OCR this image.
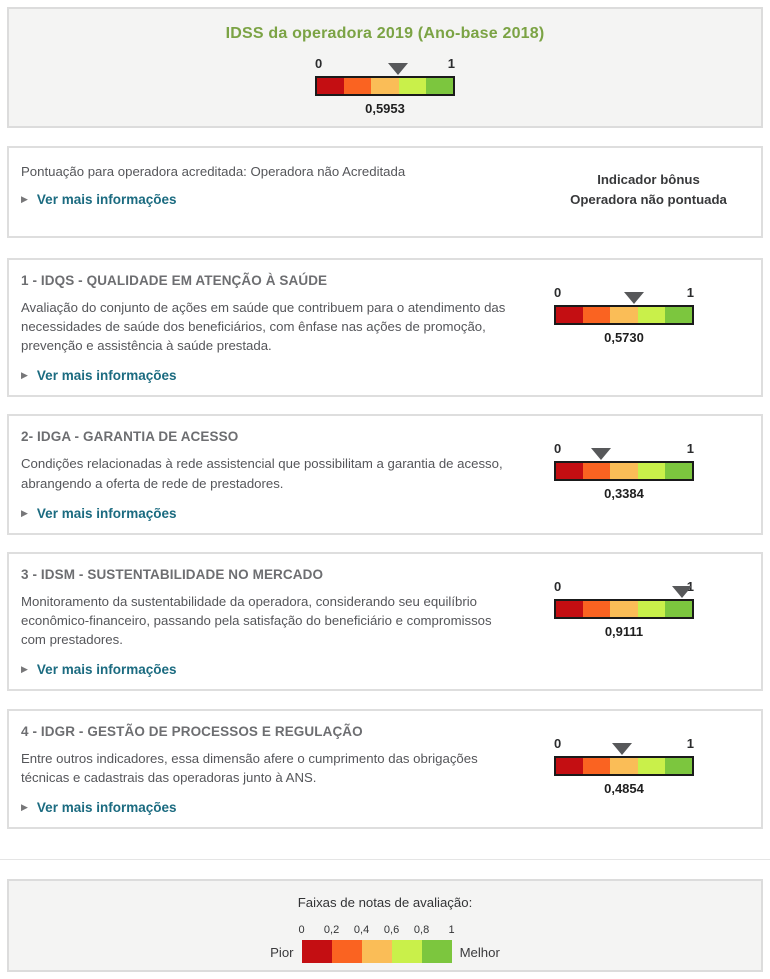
IDSS da operadora 2019 (Ano-base 2018)
0	1
0,5953

Pontuação para operadora acreditada: Operadora não Acreditada

▶ Ver mais informações
Indicador bônus
Operadora não pontuada
1 - IDQS - QUALIDADE EM ATENÇÃO À SAÚDE

Avaliação do conjunto de ações em saúde que contribuem para o atendimento das necessidades de saúde dos beneficiários, com ênfase nas ações de promoção, prevenção e assistência à saúde prestada.

▶ Ver mais informações
0	1
0,5730
2- IDGA - GARANTIA DE ACESSO

Condições relacionadas à rede assistencial que possibilitam a garantia de acesso, abrangendo a oferta de rede de prestadores.

▶ Ver mais informações
0	1
0,3384
3 - IDSM - SUSTENTABILIDADE NO MERCADO

Monitoramento da sustentabilidade da operadora, considerando seu equilíbrio econômico-financeiro, passando pela satisfação do beneficiário e compromissos com prestadores.

▶ Ver mais informações
0	1
0,9111
4 - IDGR - GESTÃO DE PROCESSOS E REGULAÇÃO

Entre outros indicadores, essa dimensão afere o cumprimento das obrigações técnicas e cadastrais das operadoras junto à ANS.

▶ Ver mais informações
0	1
0,4854

Faixas de notas de avaliação:

Pior
0 0,2 0,4 0,6 0,8 1
Melhor
